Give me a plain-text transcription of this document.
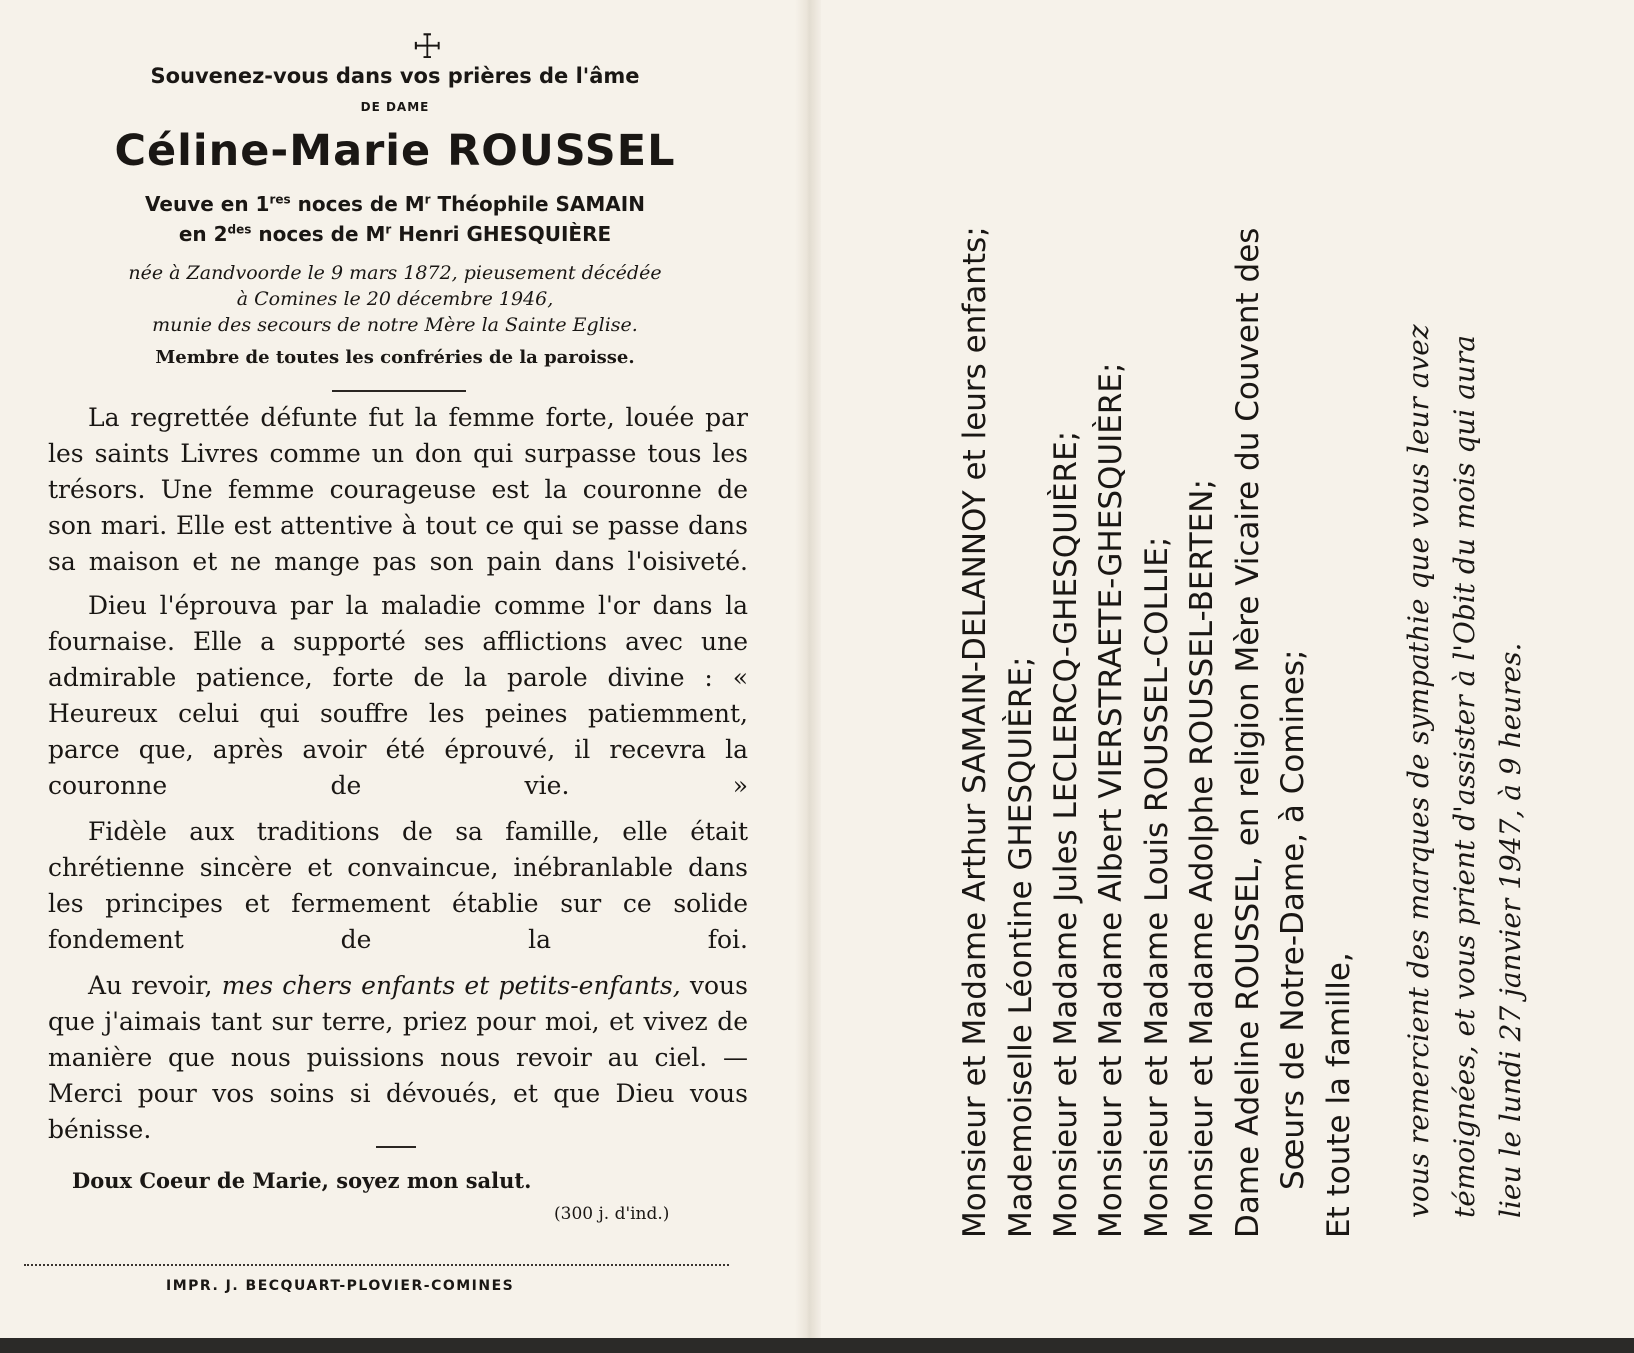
☩
Souvenez-vous dans vos prières de l'âme
DE DAME
Céline-Marie ROUSSEL
Veuve en 1res noces de $M^r$ Théophile SAMAIN
en $2^{des}$ noces de $M^r$ Henri GHESQUIÈRE
née à Zandvoorde le 9 mars 1872, pieusement décédée
à Comines le 20 décembre 1946,
munie des secours de notre Mère la Sainte Eglise.
Membre de toutes les confréries de la paroisse.

La regrettée défunte fut la femme forte, louée par les saints Livres comme un don qui surpasse tous les trésors. Une femme courageuse est la couronne de son mari. Elle est attentive à tout ce qui se passe dans sa maison et ne mange pas son pain dans l'oisiveté.

Dieu l'éprouva par la maladie comme l'or dans la fournaise. Elle a supporté ses afflictions avec une admirable patience, forte de la parole divine : « Heureux celui qui souffre les peines patiemment, parce que, après avoir été éprouvé, il recevra la couronne de vie. »

Fidèle aux traditions de sa famille, elle était chrétienne sincère et convaincue, inébranlable dans les principes et fermement établie sur ce solide fondement de la foi.

Au revoir, mes chers enfants et petits-enfants, vous que j'aimais tant sur terre, priez pour moi, et vivez de manière que nous puissions nous revoir au ciel. — Merci pour vos soins si dévoués, et que Dieu vous bénisse.

Doux Coeur de Marie, soyez mon salut.
(300 j. d'ind.)
IMPR. J. BECQUART-PLOVIER-COMINES
Monsieur et Madame Arthur SAMAIN-DELANNOY et leurs enfants; Mademoiselle Léontine GHESQUIÈRE; Monsieur et Madame Jules LECLERCQ-GHESQUIÈRE; Monsieur et Madame Albert VIERSTRAETE-GHESQUIÈRE; Monsieur et Madame Louis ROUSSEL-COLLIE; Monsieur et Madame Adolphe ROUSSEL-BERTEN; Dame Adeline ROUSSEL, en religion Mère Vicaire du Couvent des Sœurs de Notre-Dame, à Comines; Et toute la famille, vous remercient des marques de sympathie que vous leur avez témoignées, et vous prient d'assister à l'Obit du mois qui aura lieu le lundi 27 janvier 1947, à 9 heures.
